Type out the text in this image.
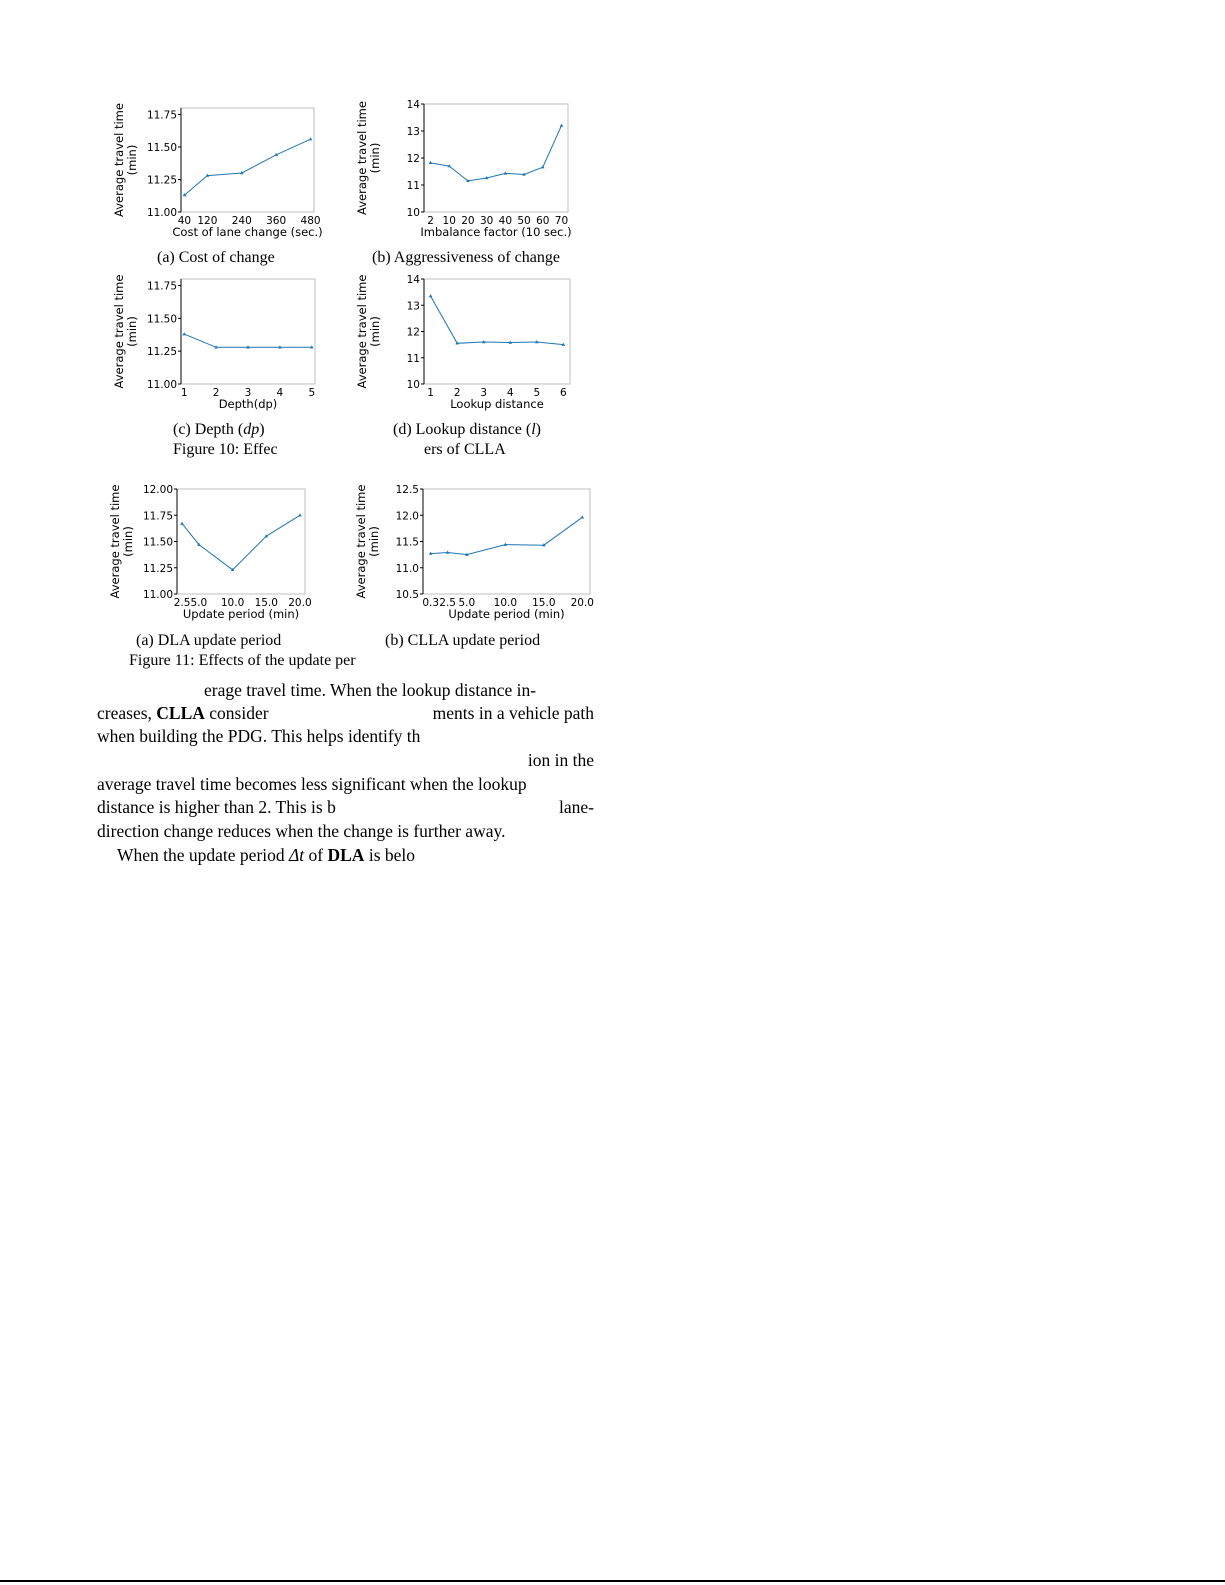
11.00
11.25
11.50
11.75
40 120 240 360 480
Cost of lane change (sec.)
Average travel time (min)
10
11
12
13
14
2 10 20 30 40 50 60 70
Imbalance factor (10 sec.)
Average travel time (min)
11.00
11.25
11.50
11.75
1 2 3 4 5
Depth(dp)
Average travel time (min)
10
11
12
13
14
1 2 3 4 5 6
Lookup distance
Average travel time (min)
(a) Cost of change	(b) Aggressiveness of change
(c) Depth (dp)	(d) Lookup distance (l)
Figure 10: Effec	ers of CLLA
11.00
11.25
11.50
11.75
12.00
2.5 5.0 10.0 15.0 20.0
Update period (min)
Average travel time (min)
10.5
11.0
11.5
12.0
12.5
0.3 2.5 5.0 10.0 15.0 20.0
Update period (min)
Average travel time (min)
(a) DLA update period	(b) CLLA update period
Figure 11: Effects of the update per
erage travel time. When the lookup distance in-
creases, CLLA consider	ments in a vehicle path
when building the PDG. This helps identify th
ion in the
average travel time becomes less significant when the lookup
distance is higher than 2. This is b	lane-
direction change reduces when the change is further away.
When the update period Δt of DLA is belo
